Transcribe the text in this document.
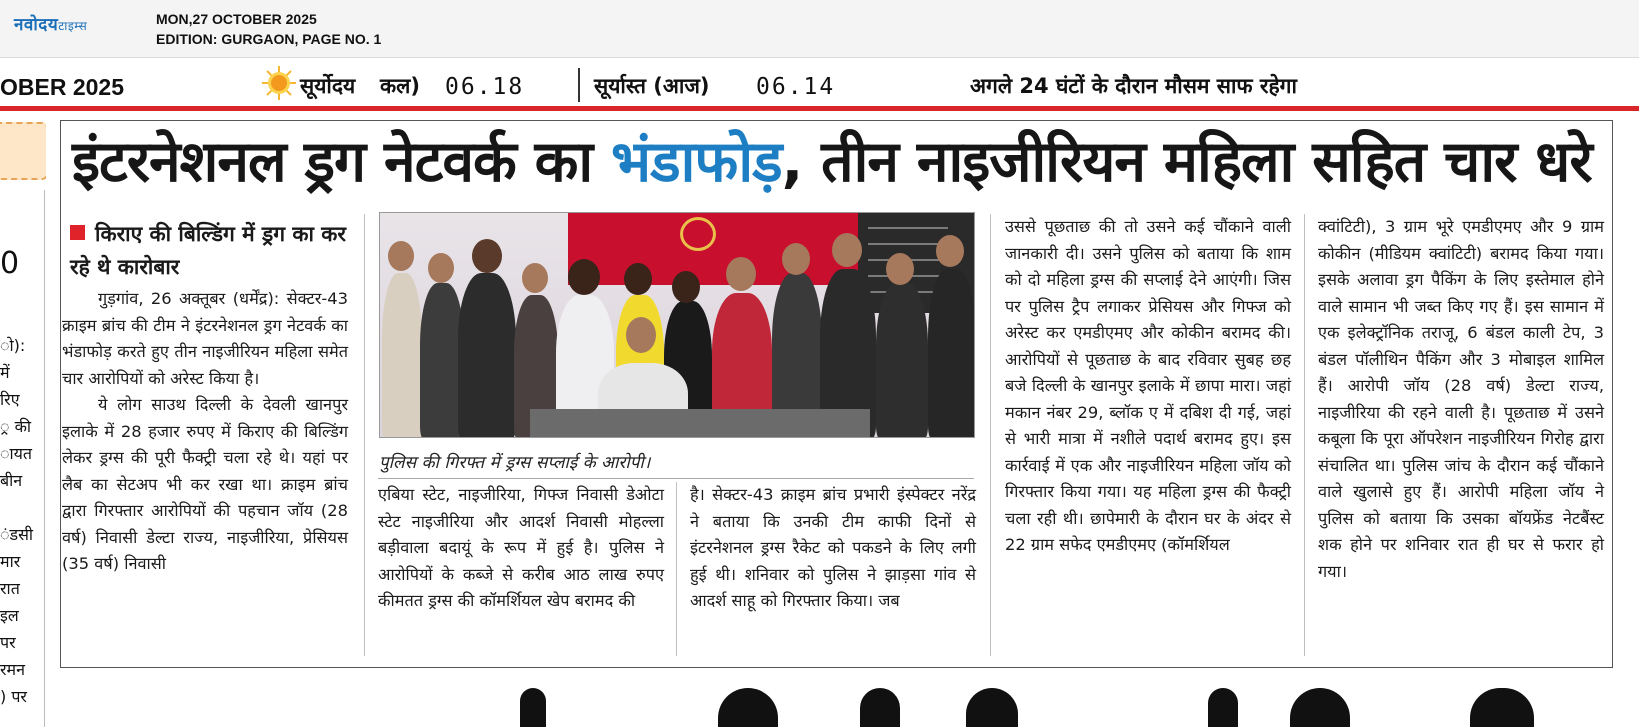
नवोदयटाइम्स	MON,27 OCTOBER 2025
EDITION: GURGAON, PAGE NO. 1
OBER 2025	सूर्योदय कल) 06.18	सूर्यास्त (आज) 06.14	अगले 24 घंटों के दौरान मौसम साफ रहेगा
0
ो):
में
रिए
्र की
ायत
बीन
ंडसी
मार
रात
इल
पर
रमन
) पर
इंटरनेशनल ड्रग नेटवर्क का भंडाफोड़, तीन नाइजीरियन महिला सहित चार धरे
किराए की बिल्डिंग में ड्रग का कर रहे थे कारोबार

गुड़गांव, 26 अक्तूबर (धर्मेंद्र): सेक्टर-43 क्राइम ब्रांच की टीम ने इंटरनेशनल ड्रग नेटवर्क का भंडाफोड़ करते हुए तीन नाइजीरियन महिला समेत चार आरोपियों को अरेस्ट किया है।

ये लोग साउथ दिल्ली के देवली खानपुर इलाके में 28 हजार रुपए में किराए की बिल्डिंग लेकर ड्रग्स की पूरी फैक्ट्री चला रहे थे। यहां पर लैब का सेटअप भी कर रखा था। क्राइम ब्रांच द्वारा गिरफ्तार आरोपियों की पहचान जॉय (28 वर्ष) निवासी डेल्टा राज्य, नाइजीरिया, प्रेसियस (35 वर्ष) निवासी

पुलिस की गिरफ्त में ड्रग्स सप्लाई के आरोपी।
एबिया स्टेट, नाइजीरिया, गिफ्ज निवासी डेओटा स्टेट नाइजीरिया और आदर्श निवासी मोहल्ला बड़ीवाला बदायूं के रूप में हुई है। पुलिस ने आरोपियों के कब्जे से करीब आठ लाख रुपए कीमतत ड्रग्स की कॉमर्शियल खेप बरामद की
है। सेक्टर-43 क्राइम ब्रांच प्रभारी इंस्पेक्टर नरेंद्र ने बताया कि उनकी टीम काफी दिनों से इंटरनेशनल ड्रग्स रैकेट को पकडने के लिए लगी हुई थी। शनिवार को पुलिस ने झाड़सा गांव से आदर्श साहू को गिरफ्तार किया। जब
उससे पूछताछ की तो उसने कई चौंकाने वाली जानकारी दी। उसने पुलिस को बताया कि शाम को दो महिला ड्रग्स की सप्लाई देने आएंगी। जिस पर पुलिस ट्रैप लगाकर प्रेसियस और गिफ्ज को अरेस्ट कर एमडीएमए और कोकीन बरामद की। आरोपियों से पूछताछ के बाद रविवार सुबह छह बजे दिल्ली के खानपुर इलाके में छापा मारा। जहां मकान नंबर 29, ब्लॉक ए में दबिश दी गई, जहां से भारी मात्रा में नशीले पदार्थ बरामद हुए। इस कार्रवाई में एक और नाइजीरियन महिला जॉय को गिरफ्तार किया गया। यह महिला ड्रग्स की फैक्ट्री चला रही थी। छापेमारी के दौरान घर के अंदर से 22 ग्राम सफेद एमडीएमए (कॉमर्शियल
क्वांटिटी), 3 ग्राम भूरे एमडीएमए और 9 ग्राम कोकीन (मीडियम क्वांटिटी) बरामद किया गया। इसके अलावा ड्रग पैकिंग के लिए इस्तेमाल होने वाले सामान भी जब्त किए गए हैं। इस सामान में एक इलेक्ट्रॉनिक तराजू, 6 बंडल काली टेप, 3 बंडल पॉलीथिन पैकिंग और 3 मोबाइल शामिल हैं। आरोपी जॉय (28 वर्ष) डेल्टा राज्य, नाइजीरिया की रहने वाली है। पूछताछ में उसने कबूला कि पूरा ऑपरेशन नाइजीरियन गिरोह द्वारा संचालित था। पुलिस जांच के दौरान कई चौंकाने वाले खुलासे हुए हैं। आरोपी महिला जॉय ने पुलिस को बताया कि उसका बॉयफ्रेंड नेटबैंस्ट शक होने पर शनिवार रात ही घर से फरार हो गया।
